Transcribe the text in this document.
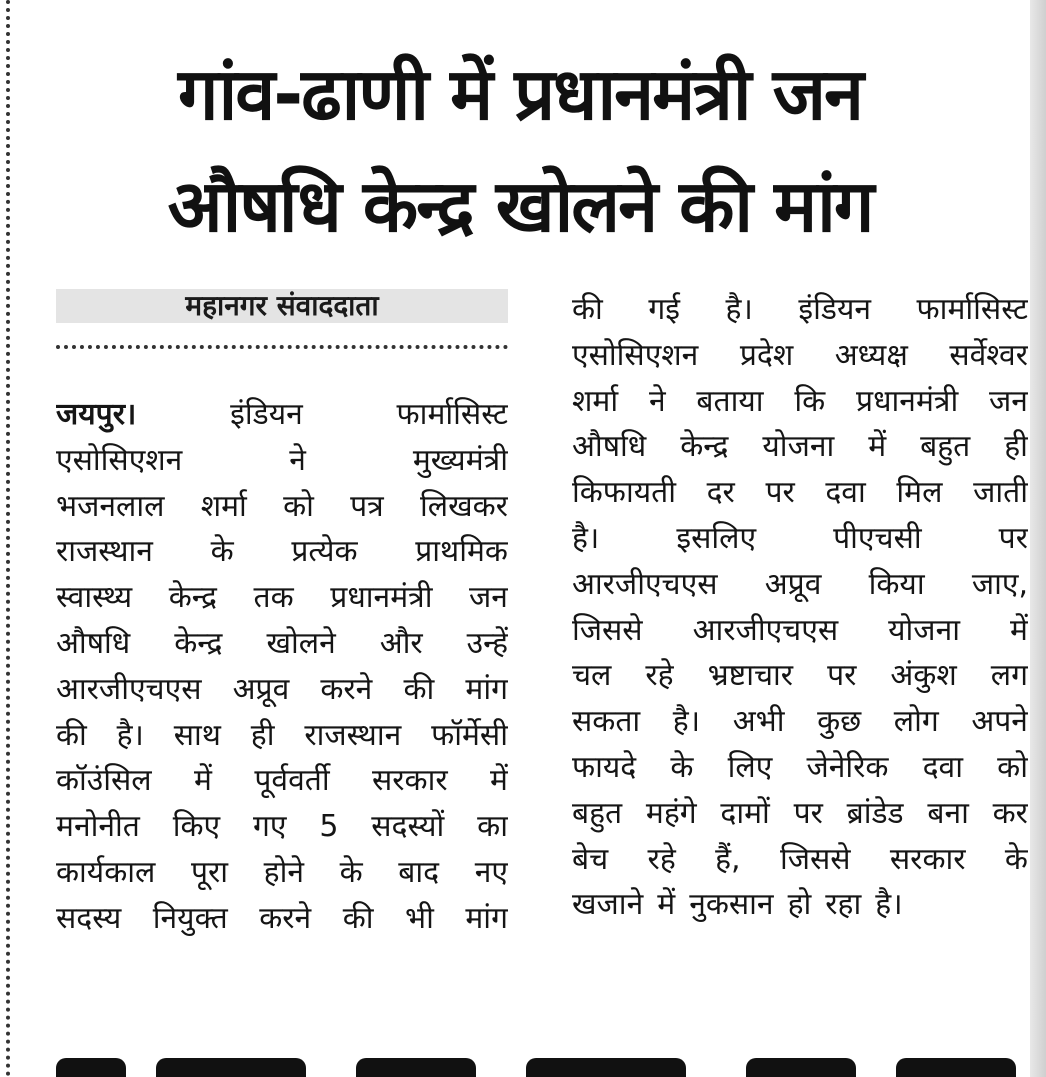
गांव-ढाणी में प्रधानमंत्री जन
औषधि केन्द्र खोलने की मांग
महानगर संवाददाता
जयपुर।	इंडियन	फार्मासिस्ट
एसोसिएशन	ने	मुख्यमंत्री
भजनलाल शर्मा को पत्र लिखकर
राजस्थान के प्रत्येक प्राथमिक
स्वास्थ्य केन्द्र तक प्रधानमंत्री जन
औषधि केन्द्र खोलने और उन्हें
आरजीएचएस अप्रूव करने की मांग
की है। साथ ही राजस्थान फॉर्मेसी
कॉउंसिल में पूर्ववर्ती सरकार में
मनोनीत किए गए 5 सदस्यों का
कार्यकाल पूरा होने के बाद नए
सदस्य नियुक्त करने की भी मांग
की गई है। इंडियन फार्मासिस्ट
एसोसिएशन प्रदेश अध्यक्ष सर्वेश्वर
शर्मा ने बताया कि प्रधानमंत्री जन
औषधि केन्द्र योजना में बहुत ही
किफायती दर पर दवा मिल जाती
है।	इसलिए	पीएचसी	पर
आरजीएचएस अप्रूव किया जाए,
जिससे आरजीएचएस योजना में
चल रहे भ्रष्टाचार पर अंकुश लग
सकता है। अभी कुछ लोग अपने
फायदे के लिए जेनेरिक दवा को
बहुत महंगे दामों पर ब्रांडेड बना कर
बेच रहे हैं, जिससे सरकार के
खजाने में नुकसान हो रहा है।
